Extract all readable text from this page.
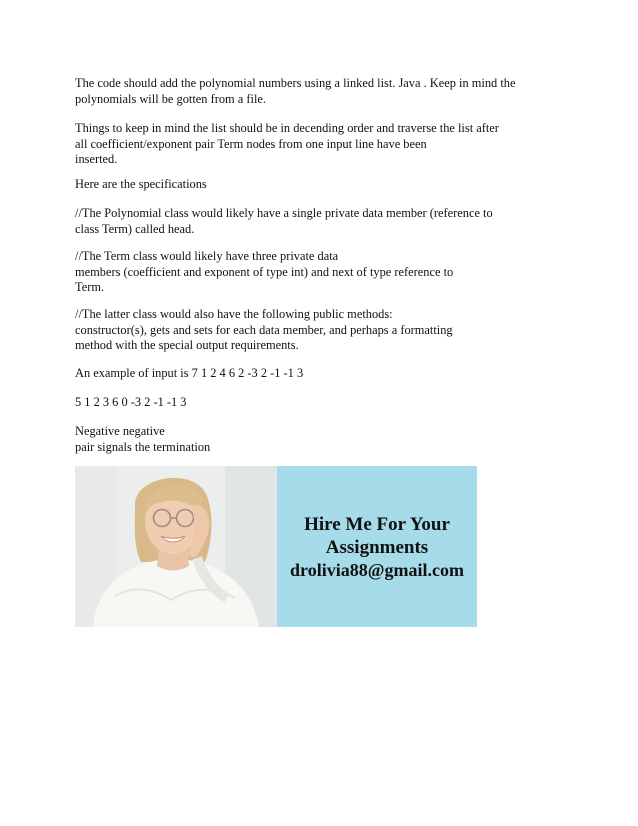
The code should add the polynomial numbers using a linked list. Java . Keep in mind the
polynomials will be gotten from a file.

Things to keep in mind the list should be in decending order and traverse the list after
all coefficient/exponent pair Term nodes from one input line have been
inserted.

Here are the specifications

//The Polynomial class would likely have a single private data member (reference to
class Term) called head.

//The Term class would likely have three private data
members (coefficient and exponent of type int) and next of type reference to
Term.

//The latter class would also have the following public methods:
constructor(s), gets and sets for each data member, and perhaps a formatting
method with the special output requirements.

An example of input is 7 1 2 4 6 2 -3 2 -1 -1 3

5 1 2 3 6 0 -3 2 -1 -1 3

Negative negative
pair signals the termination

Hire Me For Your
Assignments
drolivia88@gmail.com
